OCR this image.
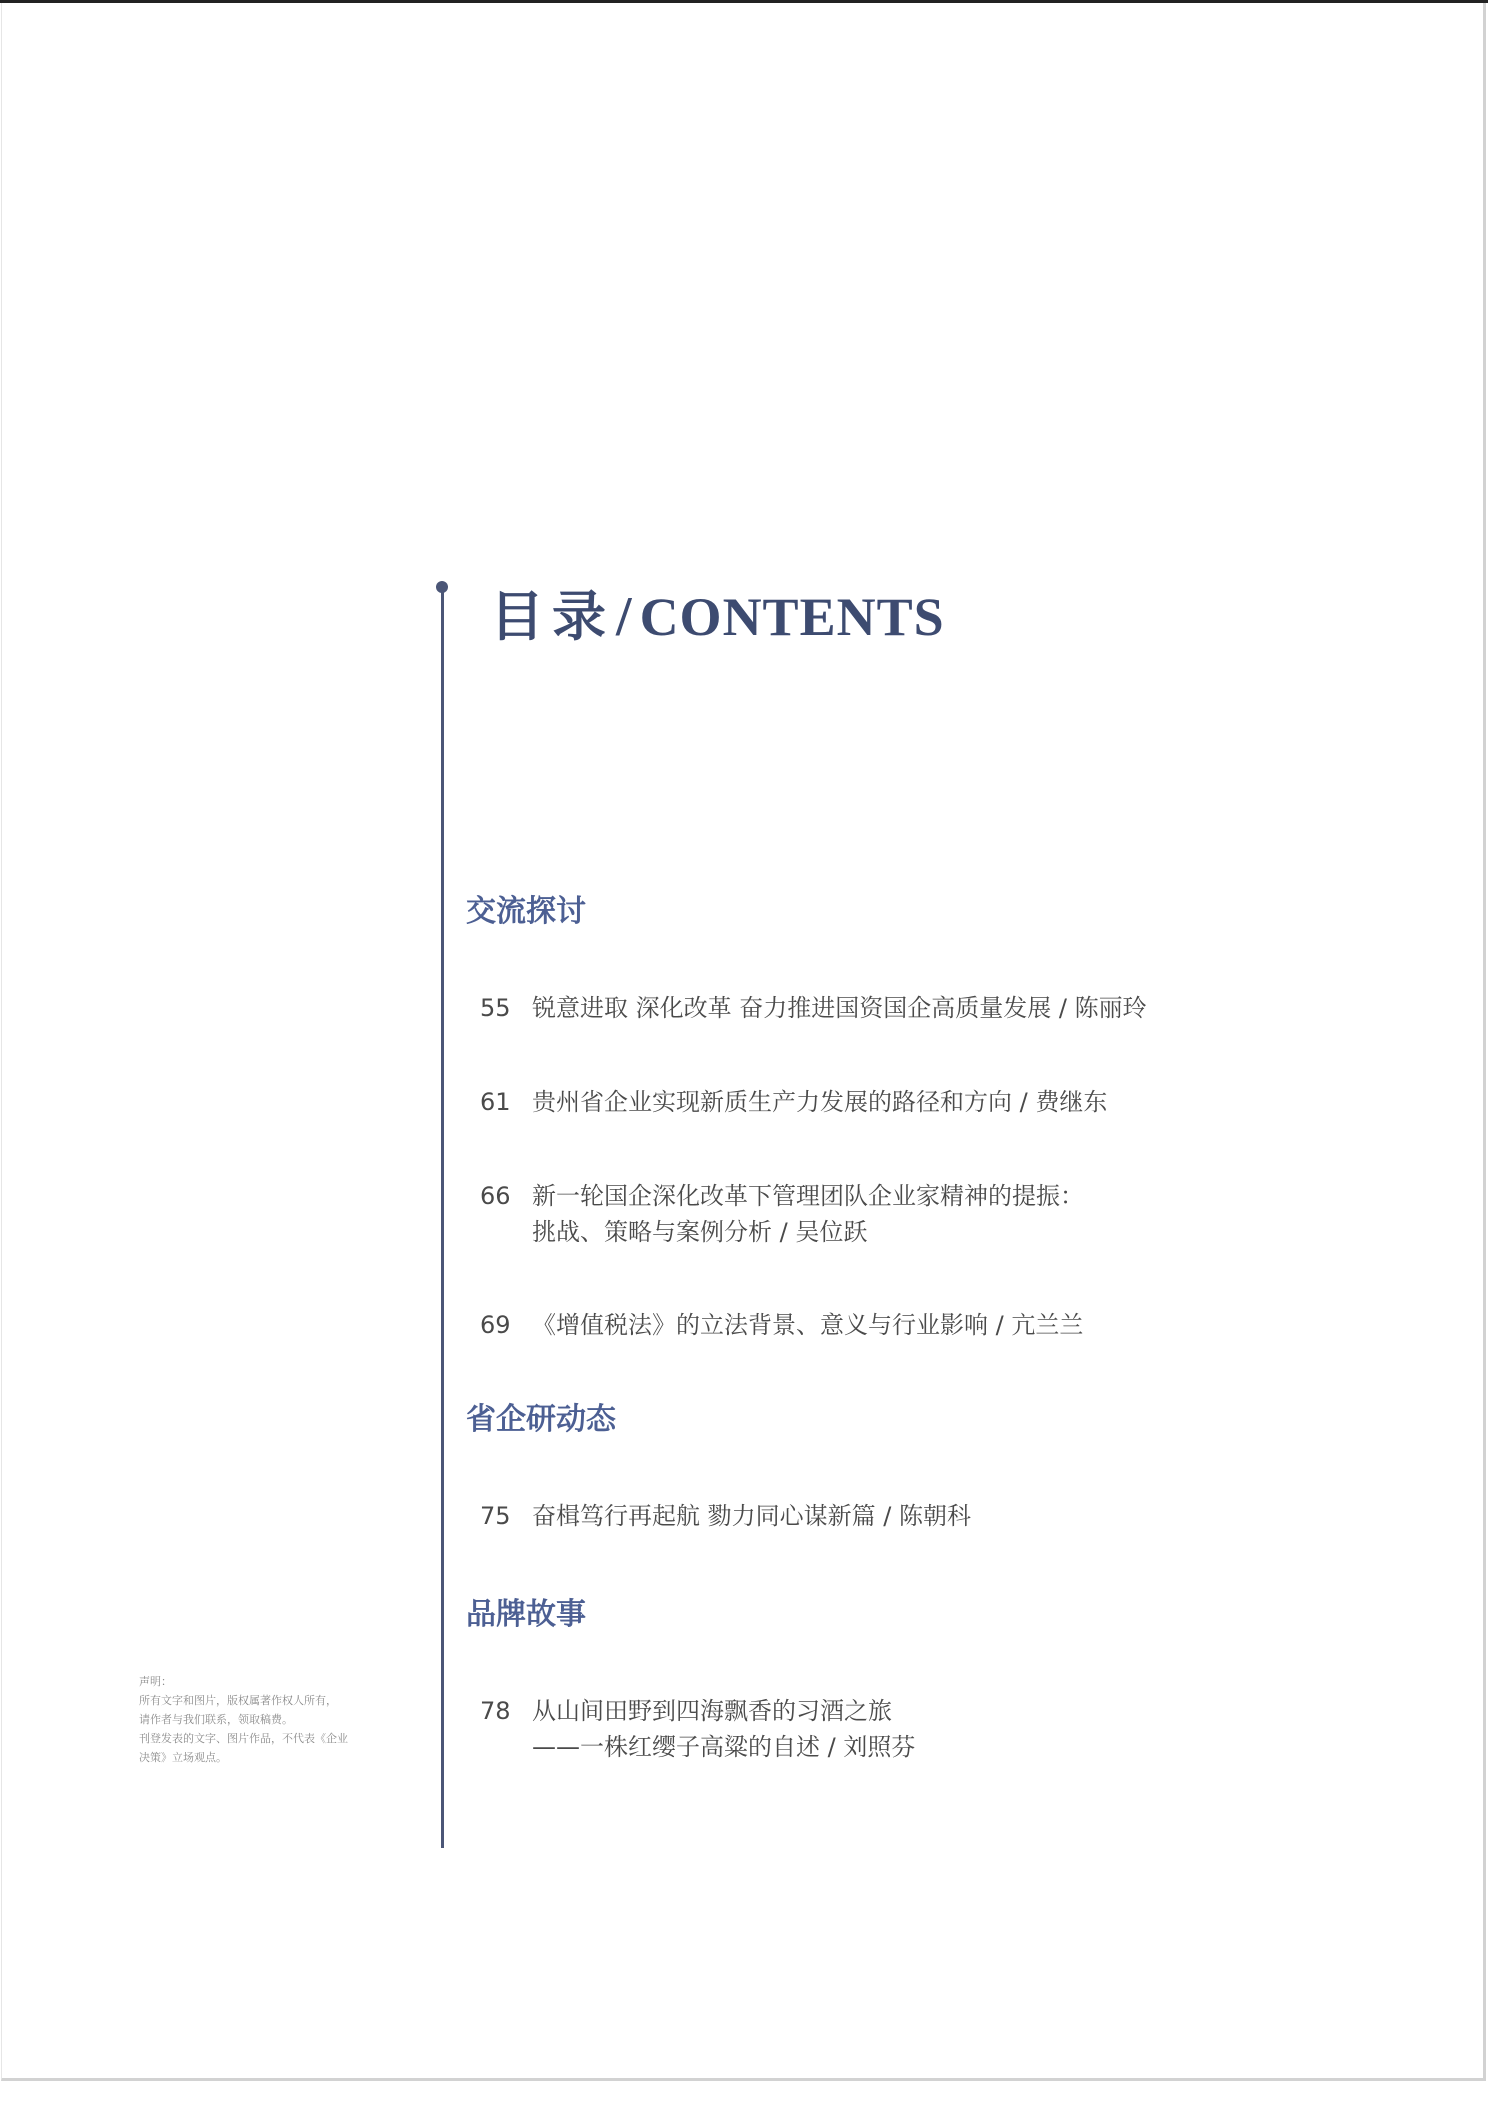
目录/ CONTENTS
交流探讨
55 锐意进取 深化改革 奋力推进国资国企高质量发展 / 陈丽玲
61 贵州省企业实现新质生产力发展的路径和方向 / 费继东
66 新一轮国企深化改革下管理团队企业家精神的提振：
挑战、策略与案例分析 / 吴位跃
69 《增值税法》的立法背景、意义与行业影响 / 亢兰兰
省企研动态
75 奋楫笃行再起航 勠力同心谋新篇 / 陈朝科
品牌故事
78 从山间田野到四海飘香的习酒之旅
——一株红缨子高粱的自述 / 刘照芬
声明：
所有文字和图片，版权属著作权人所有，
请作者与我们联系，领取稿费。
刊登发表的文字、图片作品，不代表《企业
决策》立场观点。
